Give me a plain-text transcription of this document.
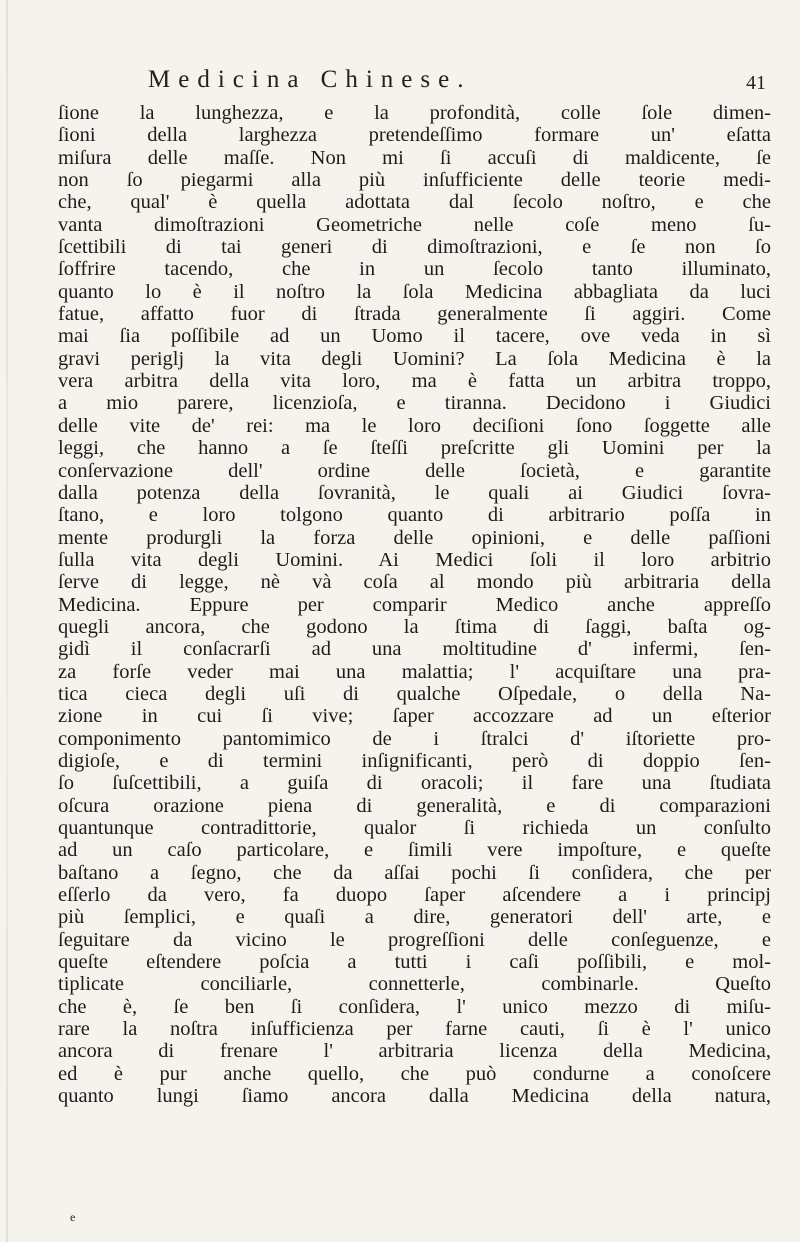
Medicina Chinese.	41
ſione la lunghezza, e la profondità, colle ſole dimen-
ſioni della larghezza pretendeſſimo formare un' eſatta
miſura delle maſſe. Non mi ſi accuſi di maldicente, ſe
non ſo piegarmi alla più inſufficiente delle teorie medi-
che, qual' è quella adottata dal ſecolo noſtro, e che
vanta dimoſtrazioni Geometriche nelle coſe meno ſu-
ſcettibili di tai generi di dimoſtrazioni, e ſe non ſo
ſoffrire tacendo, che in un ſecolo tanto illuminato,
quanto lo è il noſtro la ſola Medicina abbagliata da luci
fatue, affatto fuor di ſtrada generalmente ſi aggiri. Come
mai ſia poſſibile ad un Uomo il tacere, ove veda in sì
gravi periglj la vita degli Uomini? La ſola Medicina è la
vera arbitra della vita loro, ma è fatta un arbitra troppo,
a mio parere, licenzioſa, e tiranna. Decidono i Giudici
delle vite de' rei: ma le loro deciſioni ſono ſoggette alle
leggi, che hanno a ſe ſteſſi preſcritte gli Uomini per la
conſervazione dell' ordine delle ſocietà, e garantite
dalla potenza della ſovranità, le quali ai Giudici ſovra-
ſtano, e loro tolgono quanto di arbitrario poſſa in
mente produrgli la forza delle opinioni, e delle paſſioni
ſulla vita degli Uomini. Ai Medici ſoli il loro arbitrio
ſerve di legge, nè và coſa al mondo più arbitraria della
Medicina. Eppure per comparir Medico anche appreſſo
quegli ancora, che godono la ſtima di ſaggi, baſta og-
gidì il conſacrarſi ad una moltitudine d' infermi, ſen-
za forſe veder mai una malattia; l' acquiſtare una pra-
tica cieca degli uſi di qualche Oſpedale, o della Na-
zione in cui ſi vive; ſaper accozzare ad un eſterior
componimento pantomimico de i ſtralci d' iſtoriette pro-
digioſe, e di termini inſignificanti, però di doppio ſen-
ſo ſuſcettibili, a guiſa di oracoli; il fare una ſtudiata
oſcura orazione piena di generalità, e di comparazioni
quantunque contradittorie, qualor ſi richieda un conſulto
ad un caſo particolare, e ſimili vere impoſture, e queſte
baſtano a ſegno, che da aſſai pochi ſi conſidera, che per
eſſerlo da vero, fa duopo ſaper aſcendere a i principj
più ſemplici, e quaſi a dire, generatori dell' arte, e
ſeguitare da vicino le progreſſioni delle conſeguenze, e
queſte eſtendere poſcia a tutti i caſi poſſibili, e mol-
tiplicate conciliarle, connetterle, combinarle. Queſto
che è, ſe ben ſi conſidera, l' unico mezzo di miſu-
rare la noſtra inſufficienza per farne cauti, ſi è l' unico
ancora di frenare l' arbitraria licenza della Medicina,
ed è pur anche quello, che può condurne a conoſcere
quanto lungi ſiamo ancora dalla Medicina della natura,
e
